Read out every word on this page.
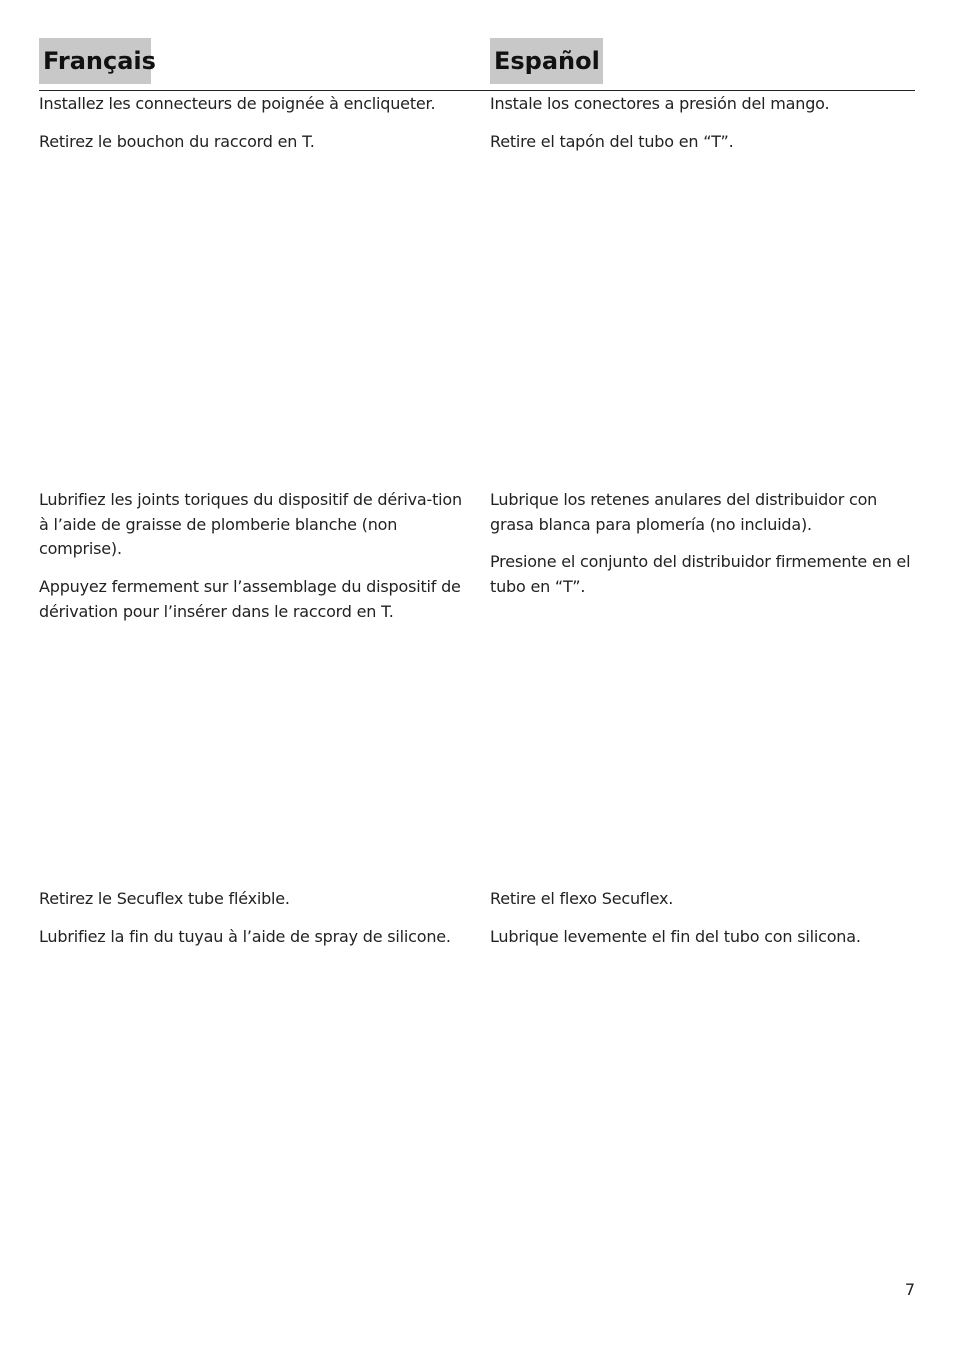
Français	Español

Installez les connecteurs de poignée à encliqueter.

Retirez le bouchon du raccord en T.

Instale los conectores a presión del mango.

Retire el tapón del tubo en “T”.

Lubrifiez les joints toriques du dispositif de dériva-tion à l’aide de graisse de plomberie blanche (non comprise).

Appuyez fermement sur l’assemblage du dispositif de dérivation pour l’insérer dans le raccord en T.

Lubrique los retenes anulares del distribuidor con grasa blanca para plomería (no incluida).

Presione el conjunto del distribuidor firmemente en el tubo en “T”.

Retirez le Secuflex tube fléxible.

Lubrifiez la fin du tuyau à l’aide de spray de silicone.

Retire el flexo Secuflex.

Lubrique levemente el fin del tubo con silicona.

7
